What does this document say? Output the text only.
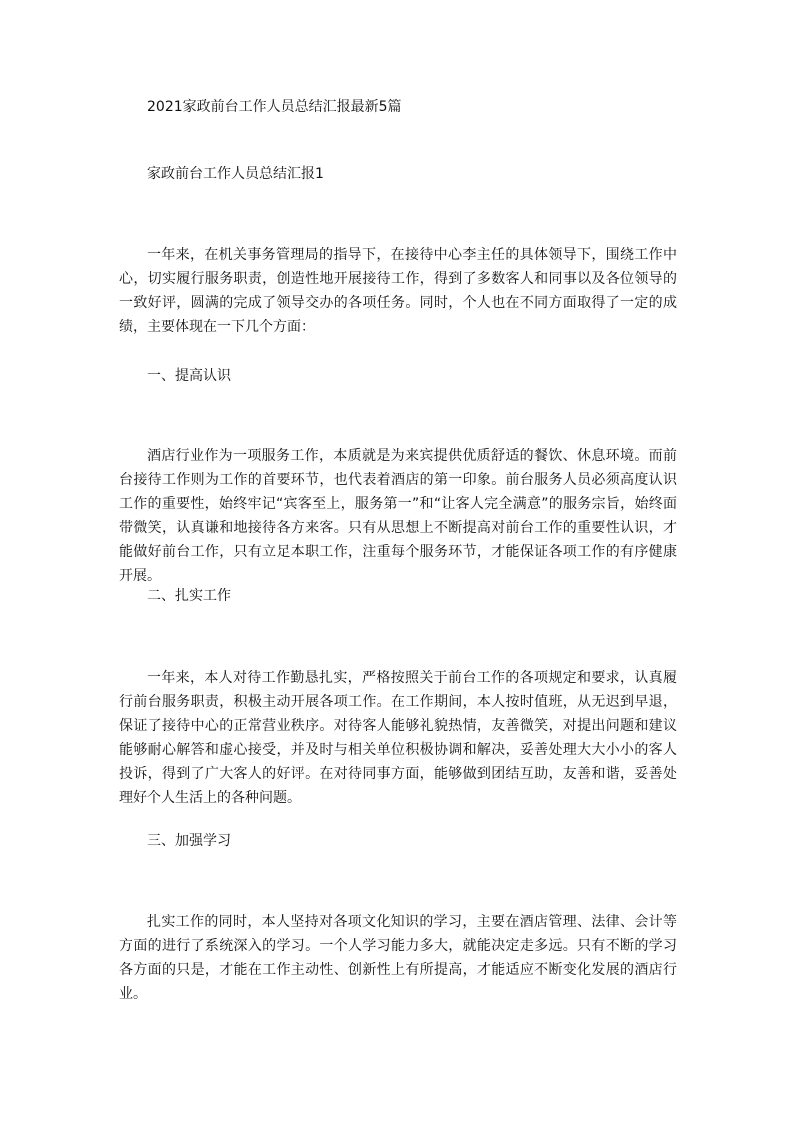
2021家政前台工作人员总结汇报最新5篇
家政前台工作人员总结汇报1

一年来，在机关事务管理局的指导下，在接待中心李主任的具体领导下，围绕工作中心，切实履行服务职责，创造性地开展接待工作，得到了多数客人和同事以及各位领导的一致好评，圆满的完成了领导交办的各项任务。同时，个人也在不同方面取得了一定的成绩，主要体现在一下几个方面：

一、提高认识

酒店行业作为一项服务工作，本质就是为来宾提供优质舒适的餐饮、休息环境。而前台接待工作则为工作的首要环节，也代表着酒店的第一印象。前台服务人员必须高度认识工作的重要性，始终牢记“宾客至上，服务第一”和“让客人完全满意”的服务宗旨，始终面带微笑，认真谦和地接待各方来客。只有从思想上不断提高对前台工作的重要性认识，才能做好前台工作，只有立足本职工作，注重每个服务环节，才能保证各项工作的有序健康开展。

二、扎实工作

一年来，本人对待工作勤恳扎实，严格按照关于前台工作的各项规定和要求，认真履行前台服务职责，积极主动开展各项工作。在工作期间，本人按时值班，从无迟到早退，保证了接待中心的正常营业秩序。对待客人能够礼貌热情，友善微笑，对提出问题和建议能够耐心解答和虚心接受，并及时与相关单位积极协调和解决，妥善处理大大小小的客人投诉，得到了广大客人的好评。在对待同事方面，能够做到团结互助，友善和谐，妥善处理好个人生活上的各种问题。

三、加强学习

扎实工作的同时，本人坚持对各项文化知识的学习，主要在酒店管理、法律、会计等方面的进行了系统深入的学习。一个人学习能力多大，就能决定走多远。只有不断的学习各方面的只是，才能在工作主动性、创新性上有所提高，才能适应不断变化发展的酒店行业。
